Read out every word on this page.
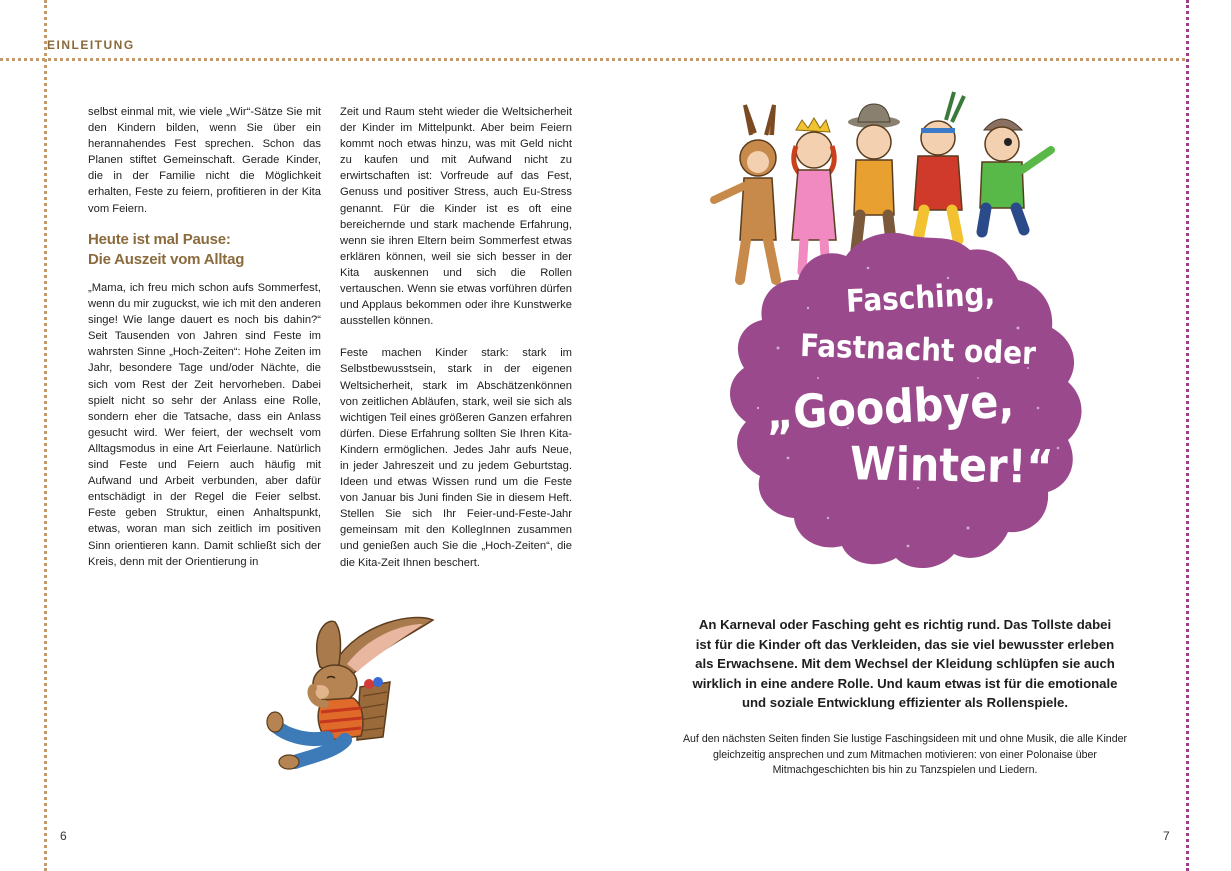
EINLEITUNG

selbst einmal mit, wie viele „Wir“-Sätze Sie mit den Kindern bilden, wenn Sie über ein herannahendes Fest sprechen. Schon das Planen stiftet Gemeinschaft. Gerade Kinder, die in der Familie nicht die Möglichkeit erhalten, Feste zu feiern, profitieren in der Kita vom Feiern.

Heute ist mal Pause:
Die Auszeit vom Alltag

„Mama, ich freu mich schon aufs Sommerfest, wenn du mir zuguckst, wie ich mit den anderen singe! Wie lange dauert es noch bis dahin?“ Seit Tausenden von Jahren sind Feste im wahrsten Sinne „Hoch-Zeiten“: Hohe Zeiten im Jahr, besondere Tage und/oder Nächte, die sich vom Rest der Zeit hervorheben. Dabei spielt nicht so sehr der Anlass eine Rolle, sondern eher die Tatsache, dass ein Anlass gesucht wird. Wer feiert, der wechselt vom Alltagsmodus in eine Art Feierlaune. Natürlich sind Feste und Feiern auch häufig mit Aufwand und Arbeit verbunden, aber dafür entschädigt in der Regel die Feier selbst. Feste geben Struktur, einen Anhaltspunkt, etwas, woran man sich zeitlich im positiven Sinn orientieren kann. Damit schließt sich der Kreis, denn mit der Orientierung in

Zeit und Raum steht wieder die Weltsicherheit der Kinder im Mittelpunkt. Aber beim Feiern kommt noch etwas hinzu, was mit Geld nicht zu kaufen und mit Aufwand nicht zu erwirtschaften ist: Vorfreude auf das Fest, Genuss und positiver Stress, auch Eu-Stress genannt. Für die Kinder ist es oft eine bereichernde und stark machende Erfahrung, wenn sie ihren Eltern beim Sommerfest etwas erklären können, weil sie sich besser in der Kita auskennen und sich die Rollen vertauschen. Wenn sie etwas vorführen dürfen und Applaus bekommen oder ihre Kunstwerke ausstellen können.

Feste machen Kinder stark: stark im Selbstbewusstsein, stark in der eigenen Weltsicherheit, stark im Abschätzenkönnen von zeitlichen Abläufen, stark, weil sie sich als wichtigen Teil eines größeren Ganzen erfahren dürfen. Diese Erfahrung sollten Sie Ihren Kita-Kindern ermöglichen. Jedes Jahr aufs Neue, in jeder Jahreszeit und zu jedem Geburtstag. Ideen und etwas Wissen rund um die Feste von Januar bis Juni finden Sie in diesem Heft. Stellen Sie sich Ihr Feier-und-Feste-Jahr gemeinsam mit den KollegInnen zusammen und genießen auch Sie die „Hoch-Zeiten“, die die Kita-Zeit Ihnen beschert.

6
Fasching,
Fastnacht oder
„Goodbye,
Winter!“
An Karneval oder Fasching geht es richtig rund. Das Tollste dabei ist für die Kinder oft das Verkleiden, das sie viel bewusster erleben als Erwachsene. Mit dem Wechsel der Kleidung schlüpfen sie auch wirklich in eine andere Rolle. Und kaum etwas ist für die emotionale und soziale Entwicklung effizienter als Rollenspiele.
Auf den nächsten Seiten finden Sie lustige Faschingsideen mit und ohne Musik, die alle Kinder gleichzeitig ansprechen und zum Mitmachen motivieren: von einer Polonaise über Mitmachgeschichten bis hin zu Tanzspielen und Liedern.
7
